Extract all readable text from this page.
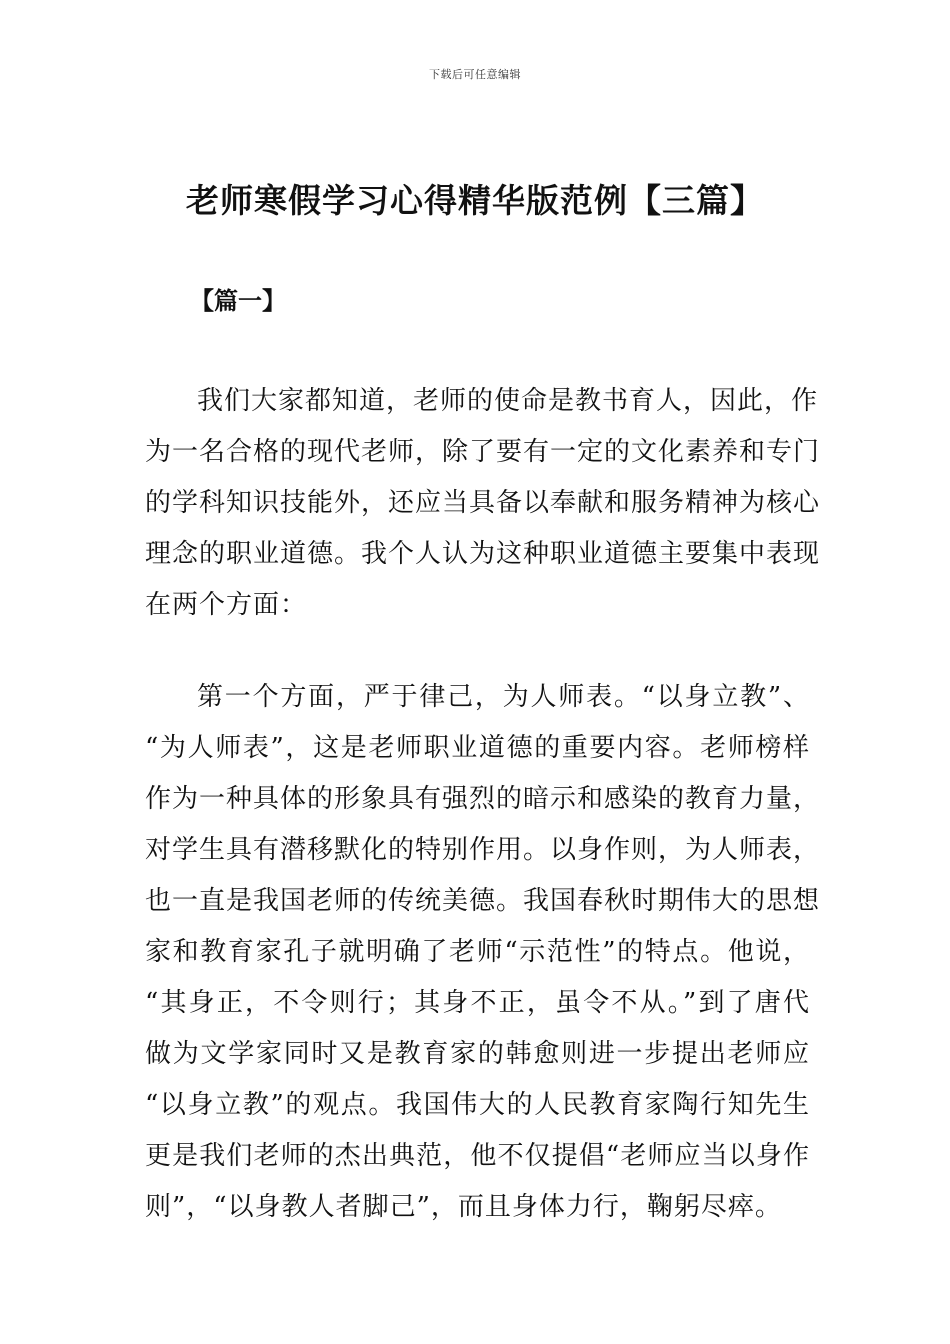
下载后可任意编辑
老师寒假学习心得精华版范例【三篇】
【篇一】

我们大家都知道，老师的使命是教书育人，因此，作
为一名合格的现代老师，除了要有一定的文化素养和专门
的学科知识技能外，还应当具备以奉献和服务精神为核心
理念的职业道德。我个人认为这种职业道德主要集中表现
在两个方面：

第一个方面，严于律己，为人师表。“以身立教”、
“为人师表”，这是老师职业道德的重要内容。老师榜样
作为一种具体的形象具有强烈的暗示和感染的教育力量，
对学生具有潜移默化的特别作用。以身作则，为人师表，
也一直是我国老师的传统美德。我国春秋时期伟大的思想
家和教育家孔子就明确了老师“示范性”的特点。他说，
“其身正，不令则行；其身不正，虽令不从。”到了唐代
做为文学家同时又是教育家的韩愈则进一步提出老师应
“以身立教”的观点。我国伟大的人民教育家陶行知先生
更是我们老师的杰出典范，他不仅提倡“老师应当以身作
则”，“以身教人者脚己”，而且身体力行，鞠躬尽瘁。
